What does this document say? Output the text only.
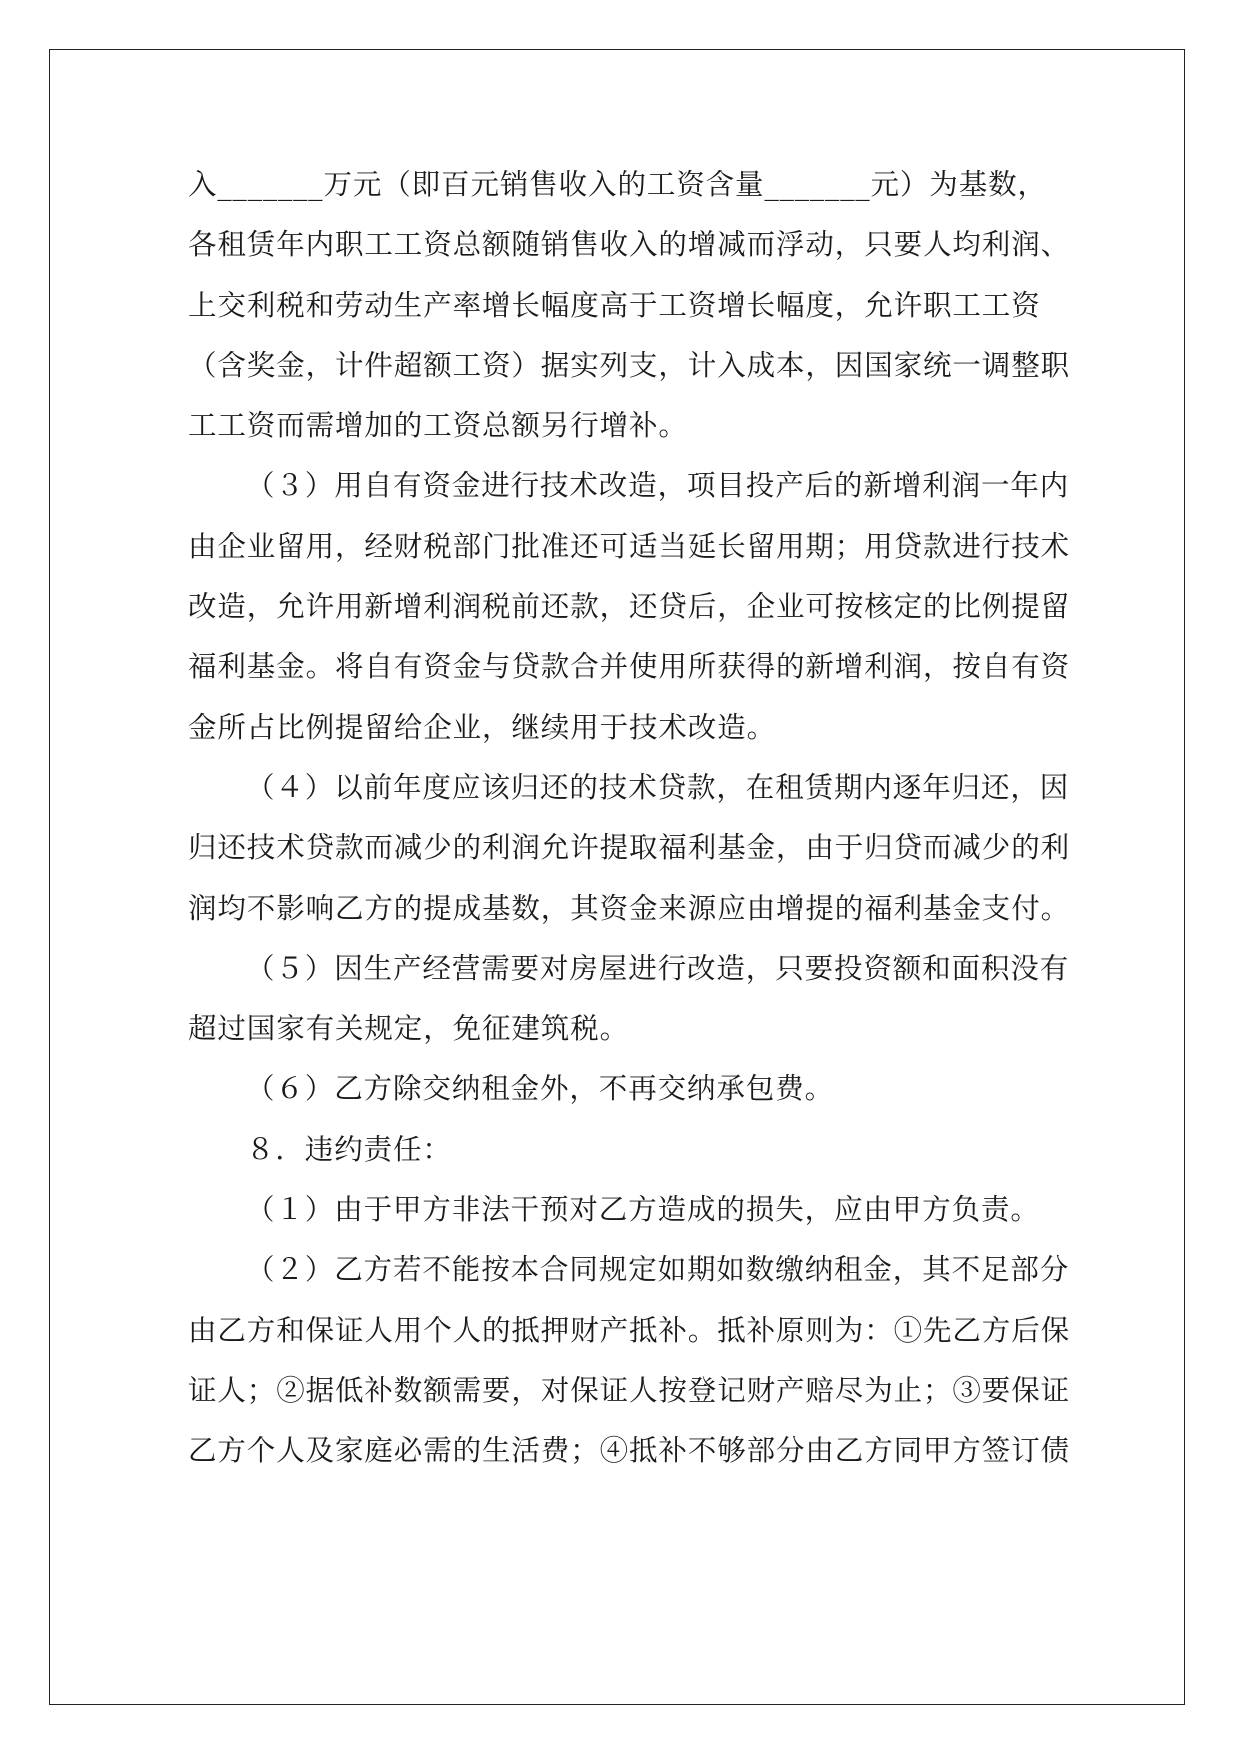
入_______万元（即百元销售收入的工资含量_______元）为基数，
各租赁年内职工工资总额随销售收入的增减而浮动，只要人均利润、
上交利税和劳动生产率增长幅度高于工资增长幅度，允许职工工资
（含奖金，计件超额工资）据实列支，计入成本，因国家统一调整职
工工资而需增加的工资总额另行增补。
（３）用自有资金进行技术改造，项目投产后的新增利润一年内
由企业留用，经财税部门批准还可适当延长留用期；用贷款进行技术
改造，允许用新增利润税前还款，还贷后，企业可按核定的比例提留
福利基金。将自有资金与贷款合并使用所获得的新增利润，按自有资
金所占比例提留给企业，继续用于技术改造。
（４）以前年度应该归还的技术贷款，在租赁期内逐年归还，因
归还技术贷款而减少的利润允许提取福利基金，由于归贷而减少的利
润均不影响乙方的提成基数，其资金来源应由增提的福利基金支付。
（５）因生产经营需要对房屋进行改造，只要投资额和面积没有
超过国家有关规定，免征建筑税。
（６）乙方除交纳租金外，不再交纳承包费。
８．违约责任：
（１）由于甲方非法干预对乙方造成的损失，应由甲方负责。
（２）乙方若不能按本合同规定如期如数缴纳租金，其不足部分
由乙方和保证人用个人的抵押财产抵补。抵补原则为：①先乙方后保
证人；②据低补数额需要，对保证人按登记财产赔尽为止；③要保证
乙方个人及家庭必需的生活费；④抵补不够部分由乙方同甲方签订债
